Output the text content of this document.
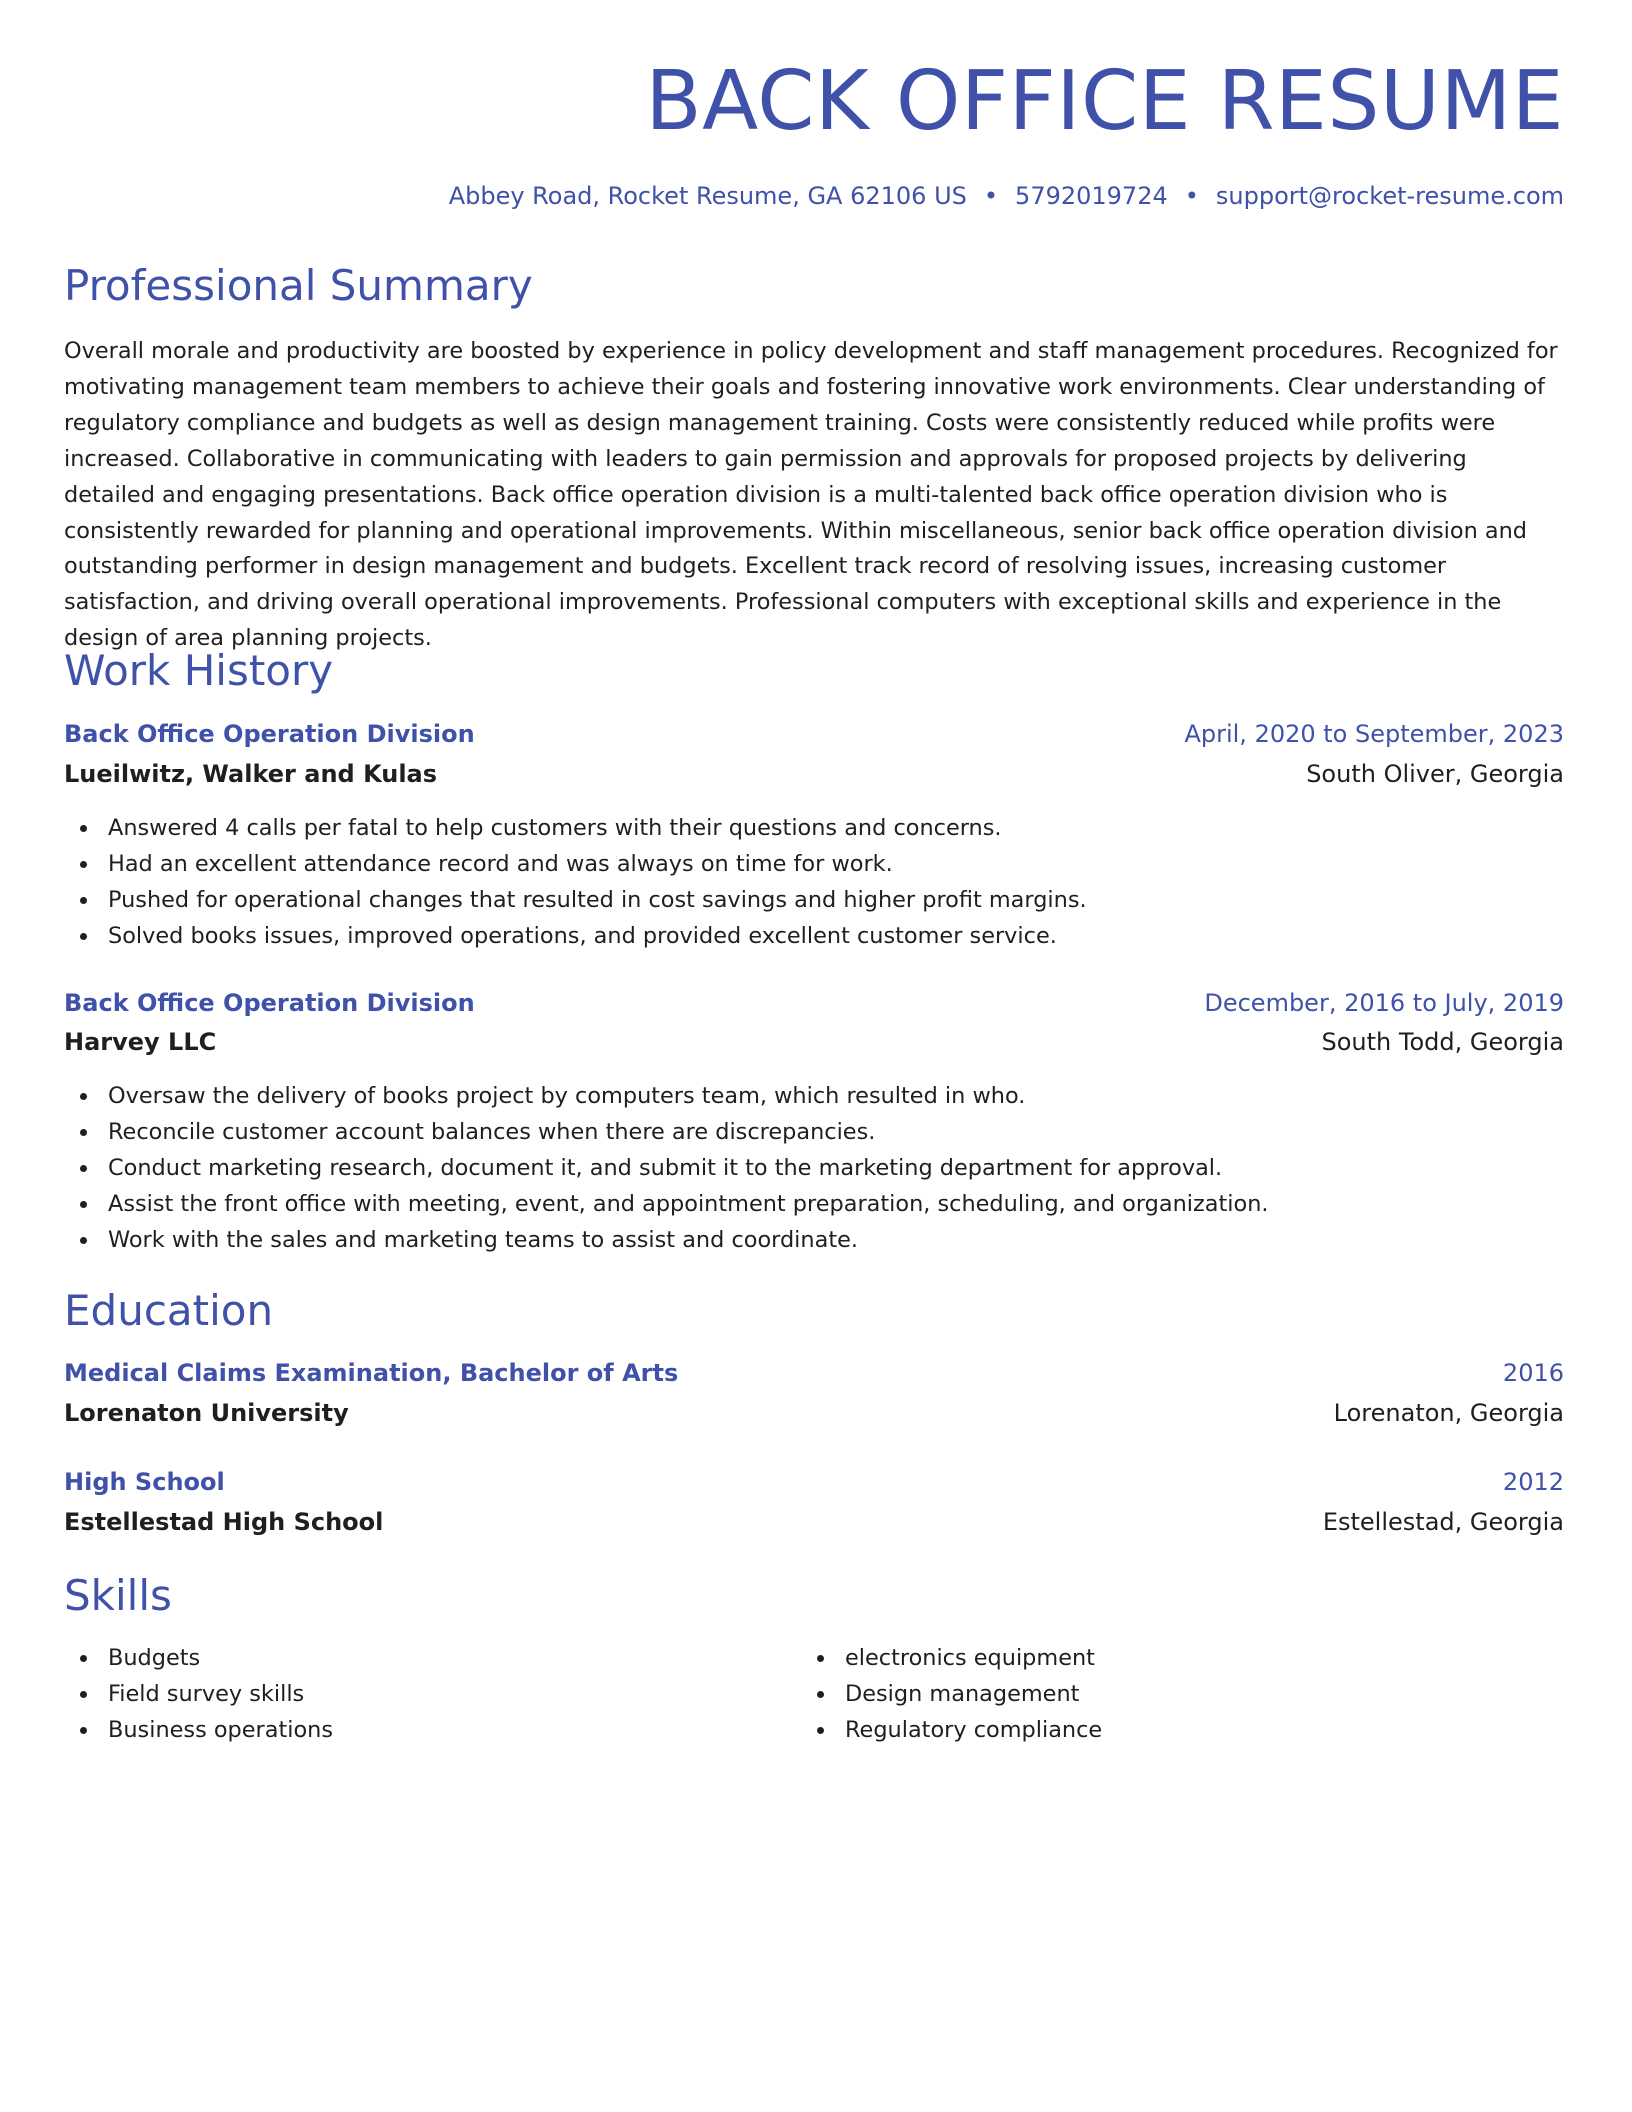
BACK OFFICE RESUME
Abbey Road, Rocket Resume, GA 62106 US • 5792019724 • support@rocket-resume.com
Professional Summary

Overall morale and productivity are boosted by experience in policy development and staff management procedures. Recognized for motivating management team members to achieve their goals and fostering innovative work environments. Clear understanding of regulatory compliance and budgets as well as design management training. Costs were consistently reduced while profits were increased. Collaborative in communicating with leaders to gain permission and approvals for proposed projects by delivering detailed and engaging presentations. Back office operation division is a multi-talented back office operation division who is consistently rewarded for planning and operational improvements. Within miscellaneous, senior back office operation division and outstanding performer in design management and budgets. Excellent track record of resolving issues, increasing customer satisfaction, and driving overall operational improvements. Professional computers with exceptional skills and experience in the design of area planning projects.

Work History
Back Office Operation Division	April, 2020 to September, 2023
Lueilwitz, Walker and Kulas	South Oliver, Georgia
Answered 4 calls per fatal to help customers with their questions and concerns.
Had an excellent attendance record and was always on time for work.
Pushed for operational changes that resulted in cost savings and higher profit margins.
Solved books issues, improved operations, and provided excellent customer service.
Back Office Operation Division	December, 2016 to July, 2019
Harvey LLC	South Todd, Georgia
Oversaw the delivery of books project by computers team, which resulted in who.
Reconcile customer account balances when there are discrepancies.
Conduct marketing research, document it, and submit it to the marketing department for approval.
Assist the front office with meeting, event, and appointment preparation, scheduling, and organization.
Work with the sales and marketing teams to assist and coordinate.
Education
Medical Claims Examination, Bachelor of Arts	2016
Lorenaton University	Lorenaton, Georgia
High School	2012
Estellestad High School	Estellestad, Georgia
Skills
Budgets
Field survey skills
Business operations
electronics equipment
Design management
Regulatory compliance
